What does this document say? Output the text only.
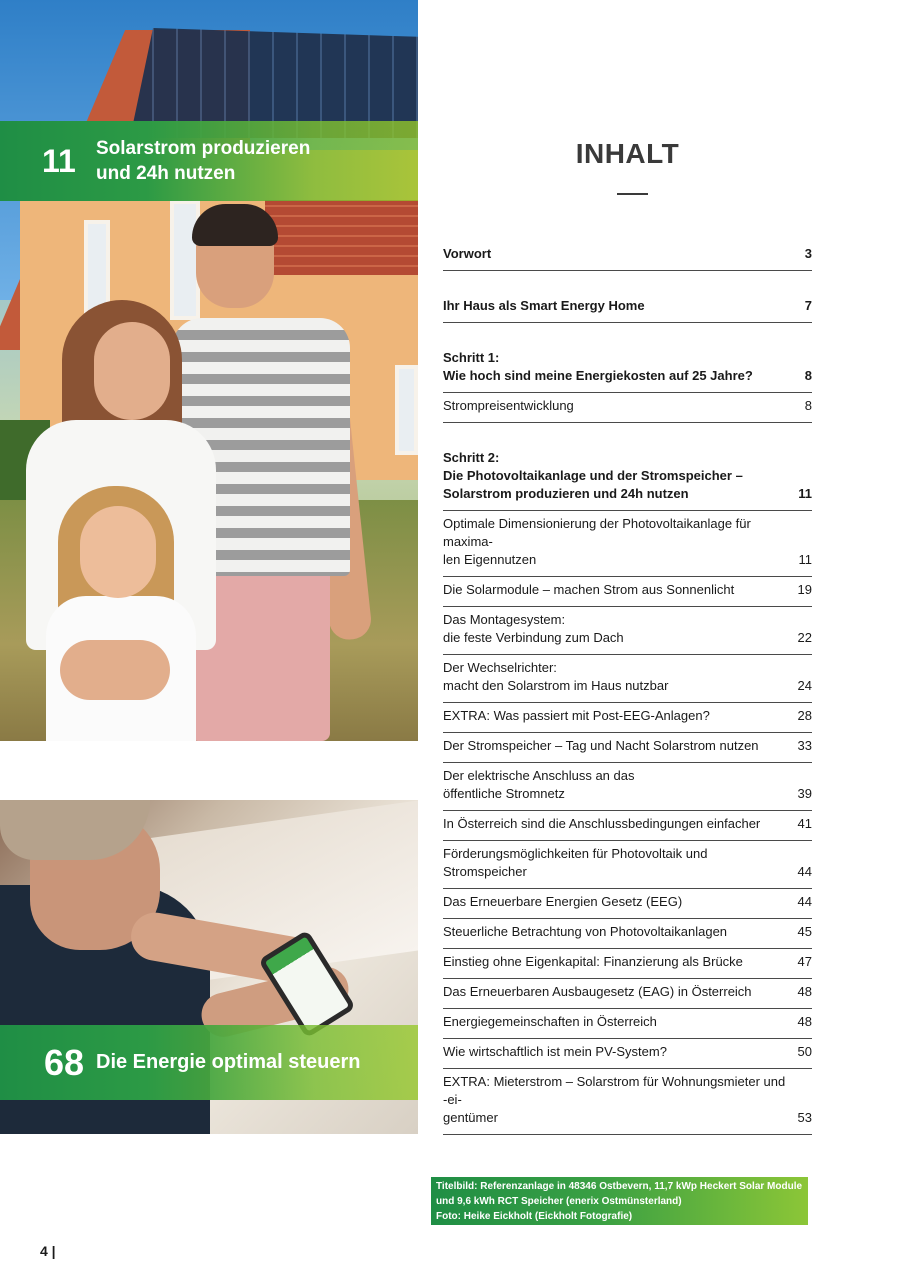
11	Solarstrom produzieren
und 24h nutzen
68 Die Energie optimal steuern
INHALT
Vorwort	3
Ihr Haus als Smart Energy Home	7
Schritt 1:
Wie hoch sind meine Energiekosten auf 25 Jahre?	8
Strompreisentwicklung	8
Schritt 2:
Die Photovoltaikanlage und der Stromspeicher –
Solarstrom produzieren und 24h nutzen	11
Optimale Dimensionierung der Photovoltaikanlage für maxima-
len Eigennutzen	11
Die Solarmodule – machen Strom aus Sonnenlicht	19
Das Montagesystem:
die feste Verbindung zum Dach	22
Der Wechselrichter:
macht den Solarstrom im Haus nutzbar	24
EXTRA: Was passiert mit Post-EEG-Anlagen?	28
Der Stromspeicher – Tag und Nacht Solarstrom nutzen	33
Der elektrische Anschluss an das
öffentliche Stromnetz	39
In Österreich sind die Anschlussbedingungen einfacher	41
Förderungsmöglichkeiten für Photovoltaik und Stromspeicher	44
Das Erneuerbare Energien Gesetz (EEG)	44
Steuerliche Betrachtung von Photovoltaikanlagen	45
Einstieg ohne Eigenkapital: Finanzierung als Brücke	47
Das Erneuerbaren Ausbaugesetz (EAG) in Österreich	48
Energiegemeinschaften in Österreich	48
Wie wirtschaftlich ist mein PV-System?	50
EXTRA: Mieterstrom – Solarstrom für Wohnungsmieter und -ei-
gentümer	53
Titelbild: Referenzanlage in 48346 Ostbevern, 11,7 kWp Heckert Solar Module
und 9,6 kWh RCT Speicher (enerix Ostmünsterland)
Foto: Heike Eickholt (Eickholt Fotografie)
4 |
